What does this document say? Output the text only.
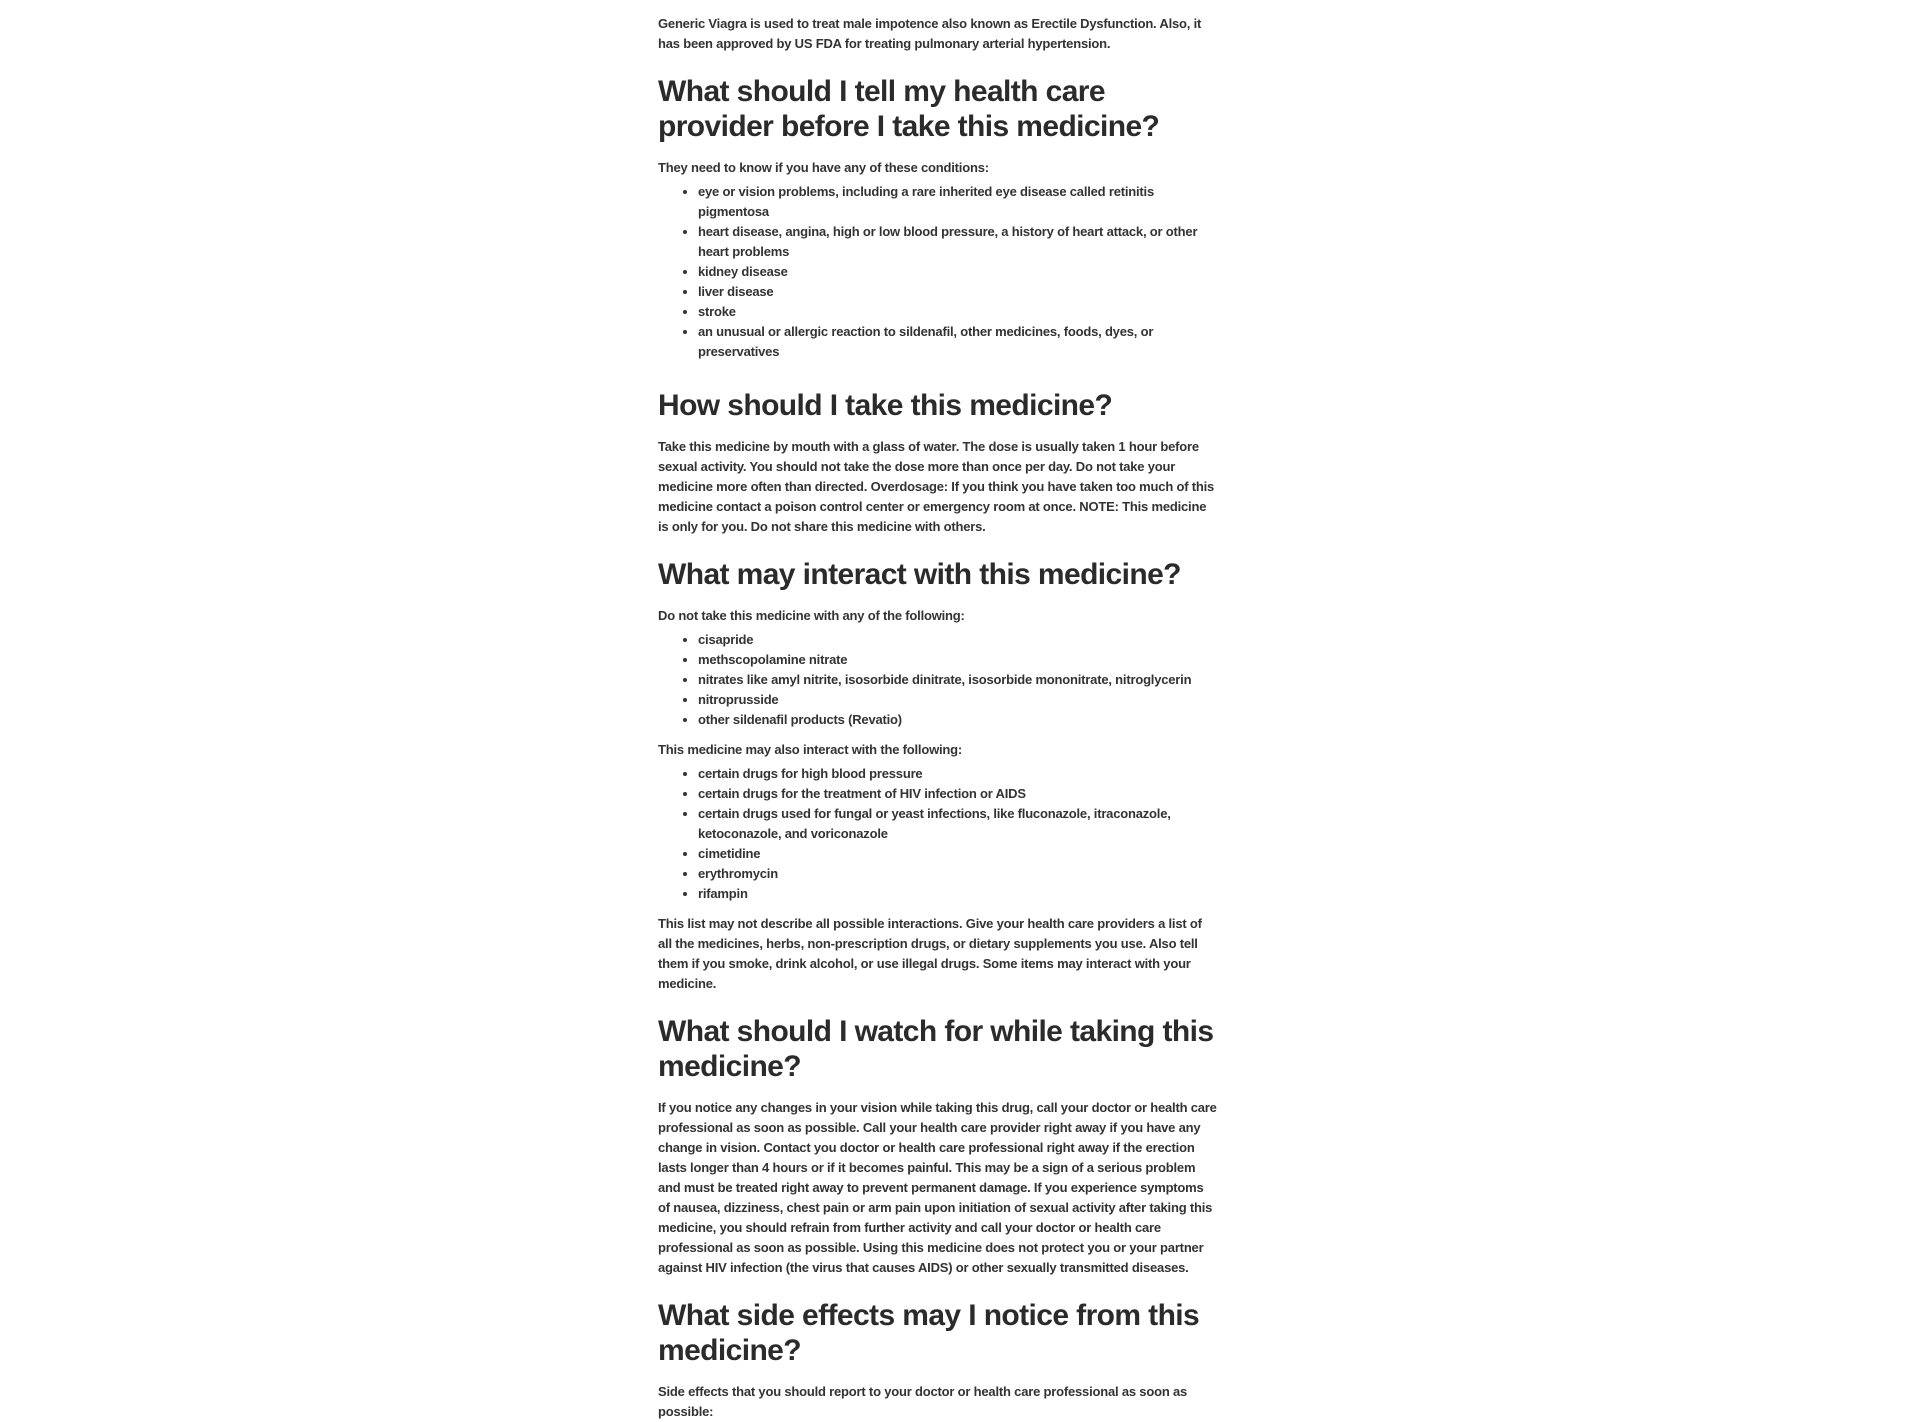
Generic Viagra is used to treat male impotence also known as Erectile Dysfunction. Also, it has been approved by US FDA for treating pulmonary arterial hypertension.

What should I tell my health care provider before I take this medicine?

They need to know if you have any of these conditions:

• eye or vision problems, including a rare inherited eye disease called retinitis pigmentosa
• heart disease, angina, high or low blood pressure, a history of heart attack, or other heart problems
• kidney disease
• liver disease
• stroke
• an unusual or allergic reaction to sildenafil, other medicines, foods, dyes, or preservatives
How should I take this medicine?

Take this medicine by mouth with a glass of water. The dose is usually taken 1 hour before sexual activity. You should not take the dose more than once per day. Do not take your medicine more often than directed. Overdosage: If you think you have taken too much of this medicine contact a poison control center or emergency room at once. NOTE: This medicine is only for you. Do not share this medicine with others.

What may interact with this medicine?

Do not take this medicine with any of the following:

• cisapride
• methscopolamine nitrate
• nitrates like amyl nitrite, isosorbide dinitrate, isosorbide mononitrate, nitroglycerin
• nitroprusside
• other sildenafil products (Revatio)

This medicine may also interact with the following:

• certain drugs for high blood pressure
• certain drugs for the treatment of HIV infection or AIDS
• certain drugs used for fungal or yeast infections, like fluconazole, itraconazole, ketoconazole, and voriconazole
• cimetidine
• erythromycin
• rifampin

This list may not describe all possible interactions. Give your health care providers a list of all the medicines, herbs, non-prescription drugs, or dietary supplements you use. Also tell them if you smoke, drink alcohol, or use illegal drugs. Some items may interact with your medicine.

What should I watch for while taking this medicine?

If you notice any changes in your vision while taking this drug, call your doctor or health care professional as soon as possible. Call your health care provider right away if you have any change in vision. Contact you doctor or health care professional right away if the erection lasts longer than 4 hours or if it becomes painful. This may be a sign of a serious problem and must be treated right away to prevent permanent damage. If you experience symptoms of nausea, dizziness, chest pain or arm pain upon initiation of sexual activity after taking this medicine, you should refrain from further activity and call your doctor or health care professional as soon as possible. Using this medicine does not protect you or your partner against HIV infection (the virus that causes AIDS) or other sexually transmitted diseases.

What side effects may I notice from this medicine?

Side effects that you should report to your doctor or health care professional as soon as possible:
